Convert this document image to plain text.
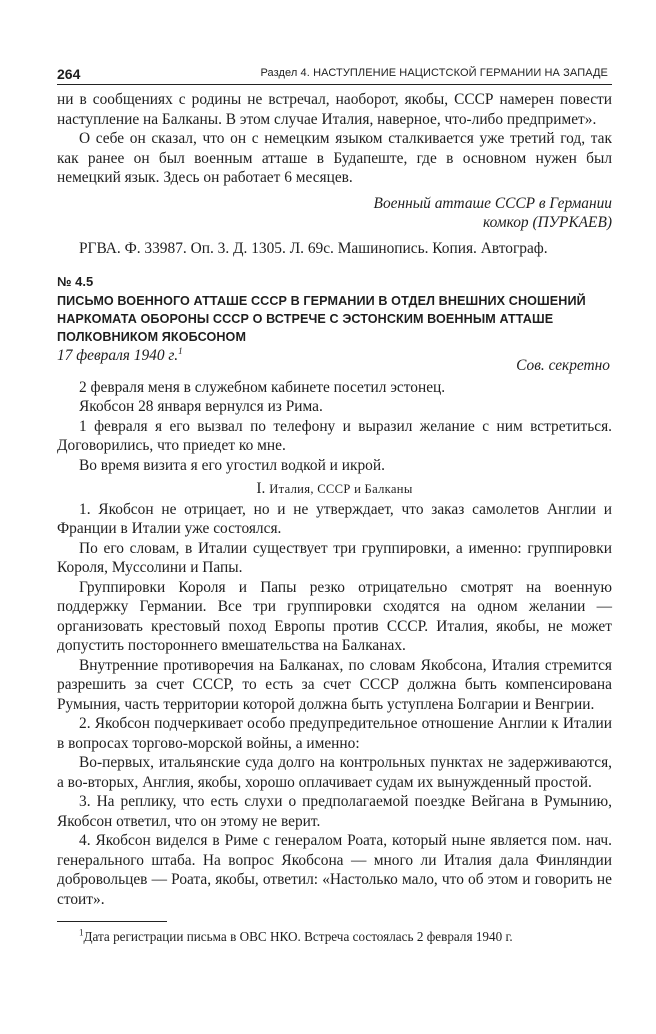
264	Раздел 4. НАСТУПЛЕНИЕ НАЦИСТСКОЙ ГЕРМАНИИ НА ЗАПАДЕ

ни в сообщениях с родины не встречал, наоборот, якобы, СССР намерен повести наступление на Балканы. В этом случае Италия, наверное, что-либо предпримет».

О себе он сказал, что он с немецким языком сталкивается уже третий год, так как ранее он был военным атташе в Будапеште, где в основном нужен был немецкий язык. Здесь он работает 6 месяцев.

Военный атташе СССР в Германии

комкор (ПУРКАЕВ)

РГВА. Ф. 33987. Оп. 3. Д. 1305. Л. 69с. Машинопись. Копия. Автограф.

№ 4.5
ПИСЬМО ВОЕННОГО АТТАШЕ СССР В ГЕРМАНИИ В ОТДЕЛ ВНЕШНИХ СНОШЕНИЙ НАРКОМАТА ОБОРОНЫ СССР О ВСТРЕЧЕ С ЭСТОНСКИМ ВОЕННЫМ АТТАШЕ ПОЛКОВНИКОМ ЯКОБСОНОМ
17 февраля 1940 г.$^1$
Сов. секретно

2 февраля меня в служебном кабинете посетил эстонец.

Якобсон 28 января вернулся из Рима.

1 февраля я его вызвал по телефону и выразил желание с ним встретиться. Договорились, что приедет ко мне.

Во время визита я его угостил водкой и икрой.

I. Италия, СССР и Балканы

1. Якобсон не отрицает, но и не утверждает, что заказ самолетов Англии и Франции в Италии уже состоялся.

По его словам, в Италии существует три группировки, а именно: группировки Короля, Муссолини и Папы.

Группировки Короля и Папы резко отрицательно смотрят на военную поддержку Германии. Все три группировки сходятся на одном желании — организовать крестовый поход Европы против СССР. Италия, якобы, не может допустить постороннего вмешательства на Балканах.

Внутренние противоречия на Балканах, по словам Якобсона, Италия стремится разрешить за счет СССР, то есть за счет СССР должна быть компенсирована Румыния, часть территории которой должна быть уступлена Болгарии и Венгрии.

2. Якобсон подчеркивает особо предупредительное отношение Англии к Италии в вопросах торгово-морской войны, а именно:

Во-первых, итальянские суда долго на контрольных пунктах не задерживаются, а во-вторых, Англия, якобы, хорошо оплачивает судам их вынужденный простой.

3. На реплику, что есть слухи о предполагаемой поездке Вейгана в Румынию, Якобсон ответил, что он этому не верит.

4. Якобсон виделся в Риме с генералом Роата, который ныне является пом. нач. генерального штаба. На вопрос Якобсона — много ли Италия дала Финляндии добровольцев — Роата, якобы, ответил: «Настолько мало, что об этом и говорить не стоит».

$^1$Дата регистрации письма в ОВС НКО. Встреча состоялась 2 февраля 1940 г.
